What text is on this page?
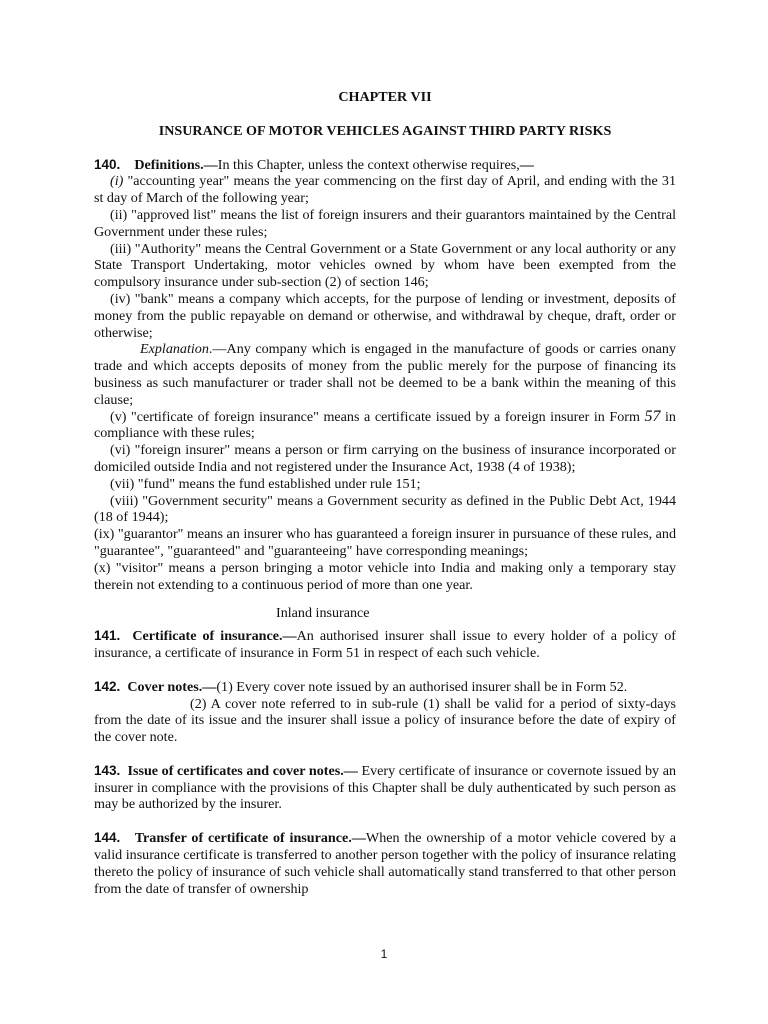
CHAPTER VII
INSURANCE OF MOTOR VEHICLES AGAINST THIRD PARTY RISKS

140. Definitions.—In this Chapter, unless the context otherwise requires,—

(i) "accounting year" means the year commencing on the first day of April, and ending with the 31 st day of March of the following year;

(ii) "approved list" means the list of foreign insurers and their guarantors maintained by the Central Government under these rules;

(iii) "Authority" means the Central Government or a State Government or any local authority or any State Transport Undertaking, motor vehicles owned by whom have been exempted from the compulsory insurance under sub-section (2) of section 146;

(iv) "bank" means a company which accepts, for the purpose of lending or investment, deposits of money from the public repayable on demand or otherwise, and withdrawal by cheque, draft, order or otherwise;

Explanation.—Any company which is engaged in the manufacture of goods or carries onany trade and which accepts deposits of money from the public merely for the purpose of financing its business as such manufacturer or trader shall not be deemed to be a bank within the meaning of this clause;

(v) "certificate of foreign insurance" means a certificate issued by a foreign insurer in Form 57 in compliance with these rules;

(vi) "foreign insurer" means a person or firm carrying on the business of insurance incorporated or domiciled outside India and not registered under the Insurance Act, 1938 (4 of 1938);

(vii) "fund" means the fund established under rule 151;

(viii) "Government security" means a Government security as defined in the Public Debt Act, 1944 (18 of 1944);

(ix) "guarantor" means an insurer who has guaranteed a foreign insurer in pursuance of these rules, and "guarantee", "guaranteed" and "guaranteeing" have corresponding meanings;

(x) "visitor" means a person bringing a motor vehicle into India and making only a temporary stay therein not extending to a continuous period of more than one year.

Inland insurance

141. Certificate of insurance.—An authorised insurer shall issue to every holder of a policy of insurance, a certificate of insurance in Form 51 in respect of each such vehicle.

142. Cover notes.—(1) Every cover note issued by an authorised insurer shall be in Form 52.

(2) A cover note referred to in sub-rule (1) shall be valid for a period of sixty-days from the date of its issue and the insurer shall issue a policy of insurance before the date of expiry of the cover note.

143. Issue of certificates and cover notes.— Every certificate of insurance or covernote issued by an insurer in compliance with the provisions of this Chapter shall be duly authenticated by such person as may be authorized by the insurer.

144. Transfer of certificate of insurance.—When the ownership of a motor vehicle covered by a valid insurance certificate is transferred to another person together with the policy of insurance relating thereto the policy of insurance of such vehicle shall automatically stand transferred to that other person from the date of transfer of ownership

1
